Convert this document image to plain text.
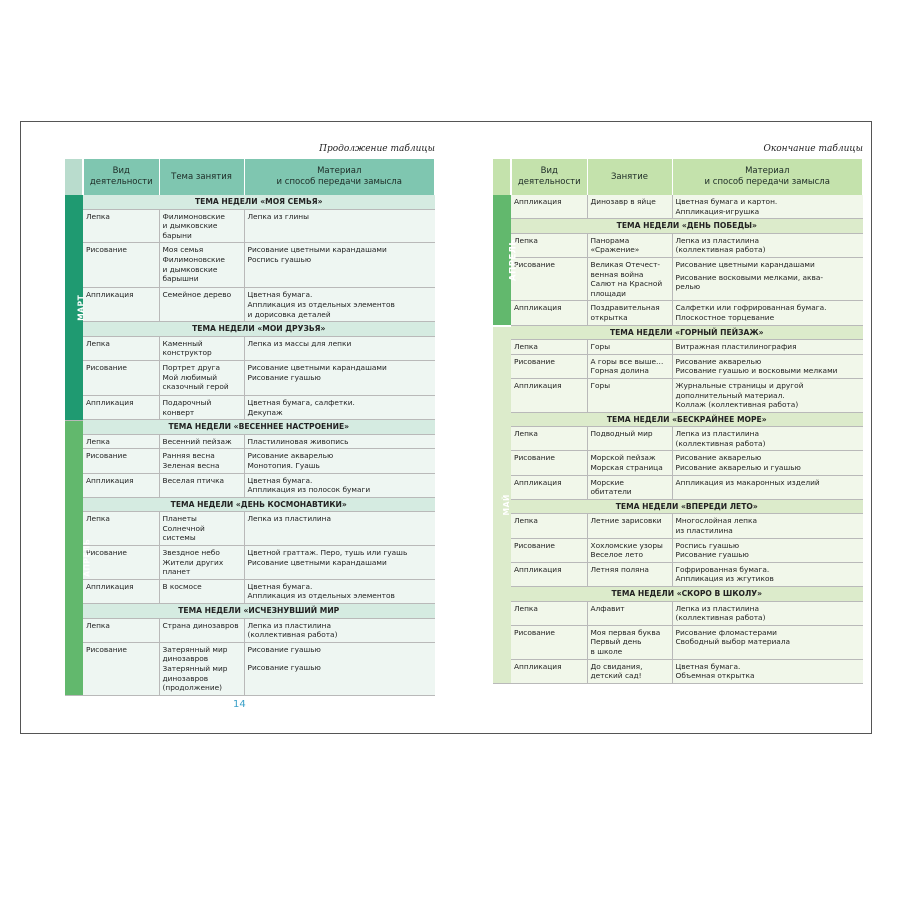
Продолжение таблицы

	Вид
деятельности	Тема занятия	Материал
и способ передачи замысла

МАРТ	ТЕМА НЕДЕЛИ «МОЯ СЕМЬЯ»		
	Лепка	Филимоновские
и дымковские
барыни	Лепка из глины

	Рисование	Моя семья
Филимоновские
и дымковские
барышни	Рисование цветными карандашами
Роспись гуашью

	Аппликация	Семейное дерево	Цветная бумага.
Аппликация из отдельных элементов
и дорисовка деталей

	ТЕМА НЕДЕЛИ «МОИ ДРУЗЬЯ»		
	Лепка	Каменный
конструктор	Лепка из массы для лепки

	Рисование	Портрет друга
Мой любимый
сказочный герой	Рисование цветными карандашами
Рисование гуашью

	Аппликация	Подарочный
конверт	Цветная бумага, салфетки.
Декупаж

АПРЕЛЬ	ТЕМА НЕДЕЛИ «ВЕСЕННЕЕ НАСТРОЕНИЕ»		
	Лепка	Весенний пейзаж	Пластилиновая живопись

	Рисование	Ранняя весна
Зеленая весна	Рисование акварелью
Монотопия. Гуашь

	Аппликация	Веселая птичка	Цветная бумага.
Аппликация из полосок бумаги

	ТЕМА НЕДЕЛИ «ДЕНЬ КОСМОНАВТИКИ»		
	Лепка	Планеты Солнечной
системы	Лепка из пластилина

	Рисование	Звездное небо
Жители других
планет	Цветной граттаж. Перо, тушь или гуашь
Рисование цветными карандашами

	Аппликация	В космосе	Цветная бумага.
Аппликация из отдельных элементов

	ТЕМА НЕДЕЛИ «ИСЧЕЗНУВШИЙ МИР		
	Лепка	Страна динозавров	Лепка из пластилина
(коллективная работа)

	Рисование	Затерянный мир
динозавров
Затерянный мир
динозавров
(продолжение)	Рисование гуашью
Рисование гуашью
14
Окончание таблицы

	Вид
деятельности	Занятие	Материал
и способ передачи замысла

АПРЕЛЬ	Аппликация	Динозавр в яйце	Цветная бумага и картон.
Аппликация-игрушка

	ТЕМА НЕДЕЛИ «ДЕНЬ ПОБЕДЫ»		
	Лепка	Панорама
«Сражение»	Лепка из пластилина
(коллективная работа)

	Рисование	Великая Отечест-
венная война
Салют на Красной
площади	Рисование цветными карандашами
Рисование восковыми мелками, аква-
релью

	Аппликация	Поздравительная
открытка	Салфетки или гофрированная бумага.
Плоскостное торцевание

МАЙ	ТЕМА НЕДЕЛИ «ГОРНЫЙ ПЕЙЗАЖ»		
	Лепка	Горы	Витражная пластилинография

	Рисование	А горы все выше…
Горная долина	Рисование акварелью
Рисование гуашью и восковыми мелками

	Аппликация	Горы	Журнальные страницы и другой
дополнительный материал.
Коллаж (коллективная работа)

	ТЕМА НЕДЕЛИ «БЕСКРАЙНЕЕ МОРЕ»		
	Лепка	Подводный мир	Лепка из пластилина
(коллективная работа)

	Рисование	Морской пейзаж
Морская страница	Рисование акварелью
Рисование акварелью и гуашью

	Аппликация	Морские
обитатели	Аппликация из макаронных изделий

	ТЕМА НЕДЕЛИ «ВПЕРЕДИ ЛЕТО»		
	Лепка	Летние зарисовки	Многослойная лепка
из пластилина

	Рисование	Хохломские узоры
Веселое лето	Роспись гуашью
Рисование гуашью

	Аппликация	Летняя поляна	Гофрированная бумага.
Аппликация из жгутиков

	ТЕМА НЕДЕЛИ «СКОРО В ШКОЛУ»		
	Лепка	Алфавит	Лепка из пластилина
(коллективная работа)

	Рисование	Моя первая буква
Первый день
в школе	Рисование фломастерами
Свободный выбор материала

	Аппликация	До свидания,
детский сад!	Цветная бумага.
Объемная открытка
